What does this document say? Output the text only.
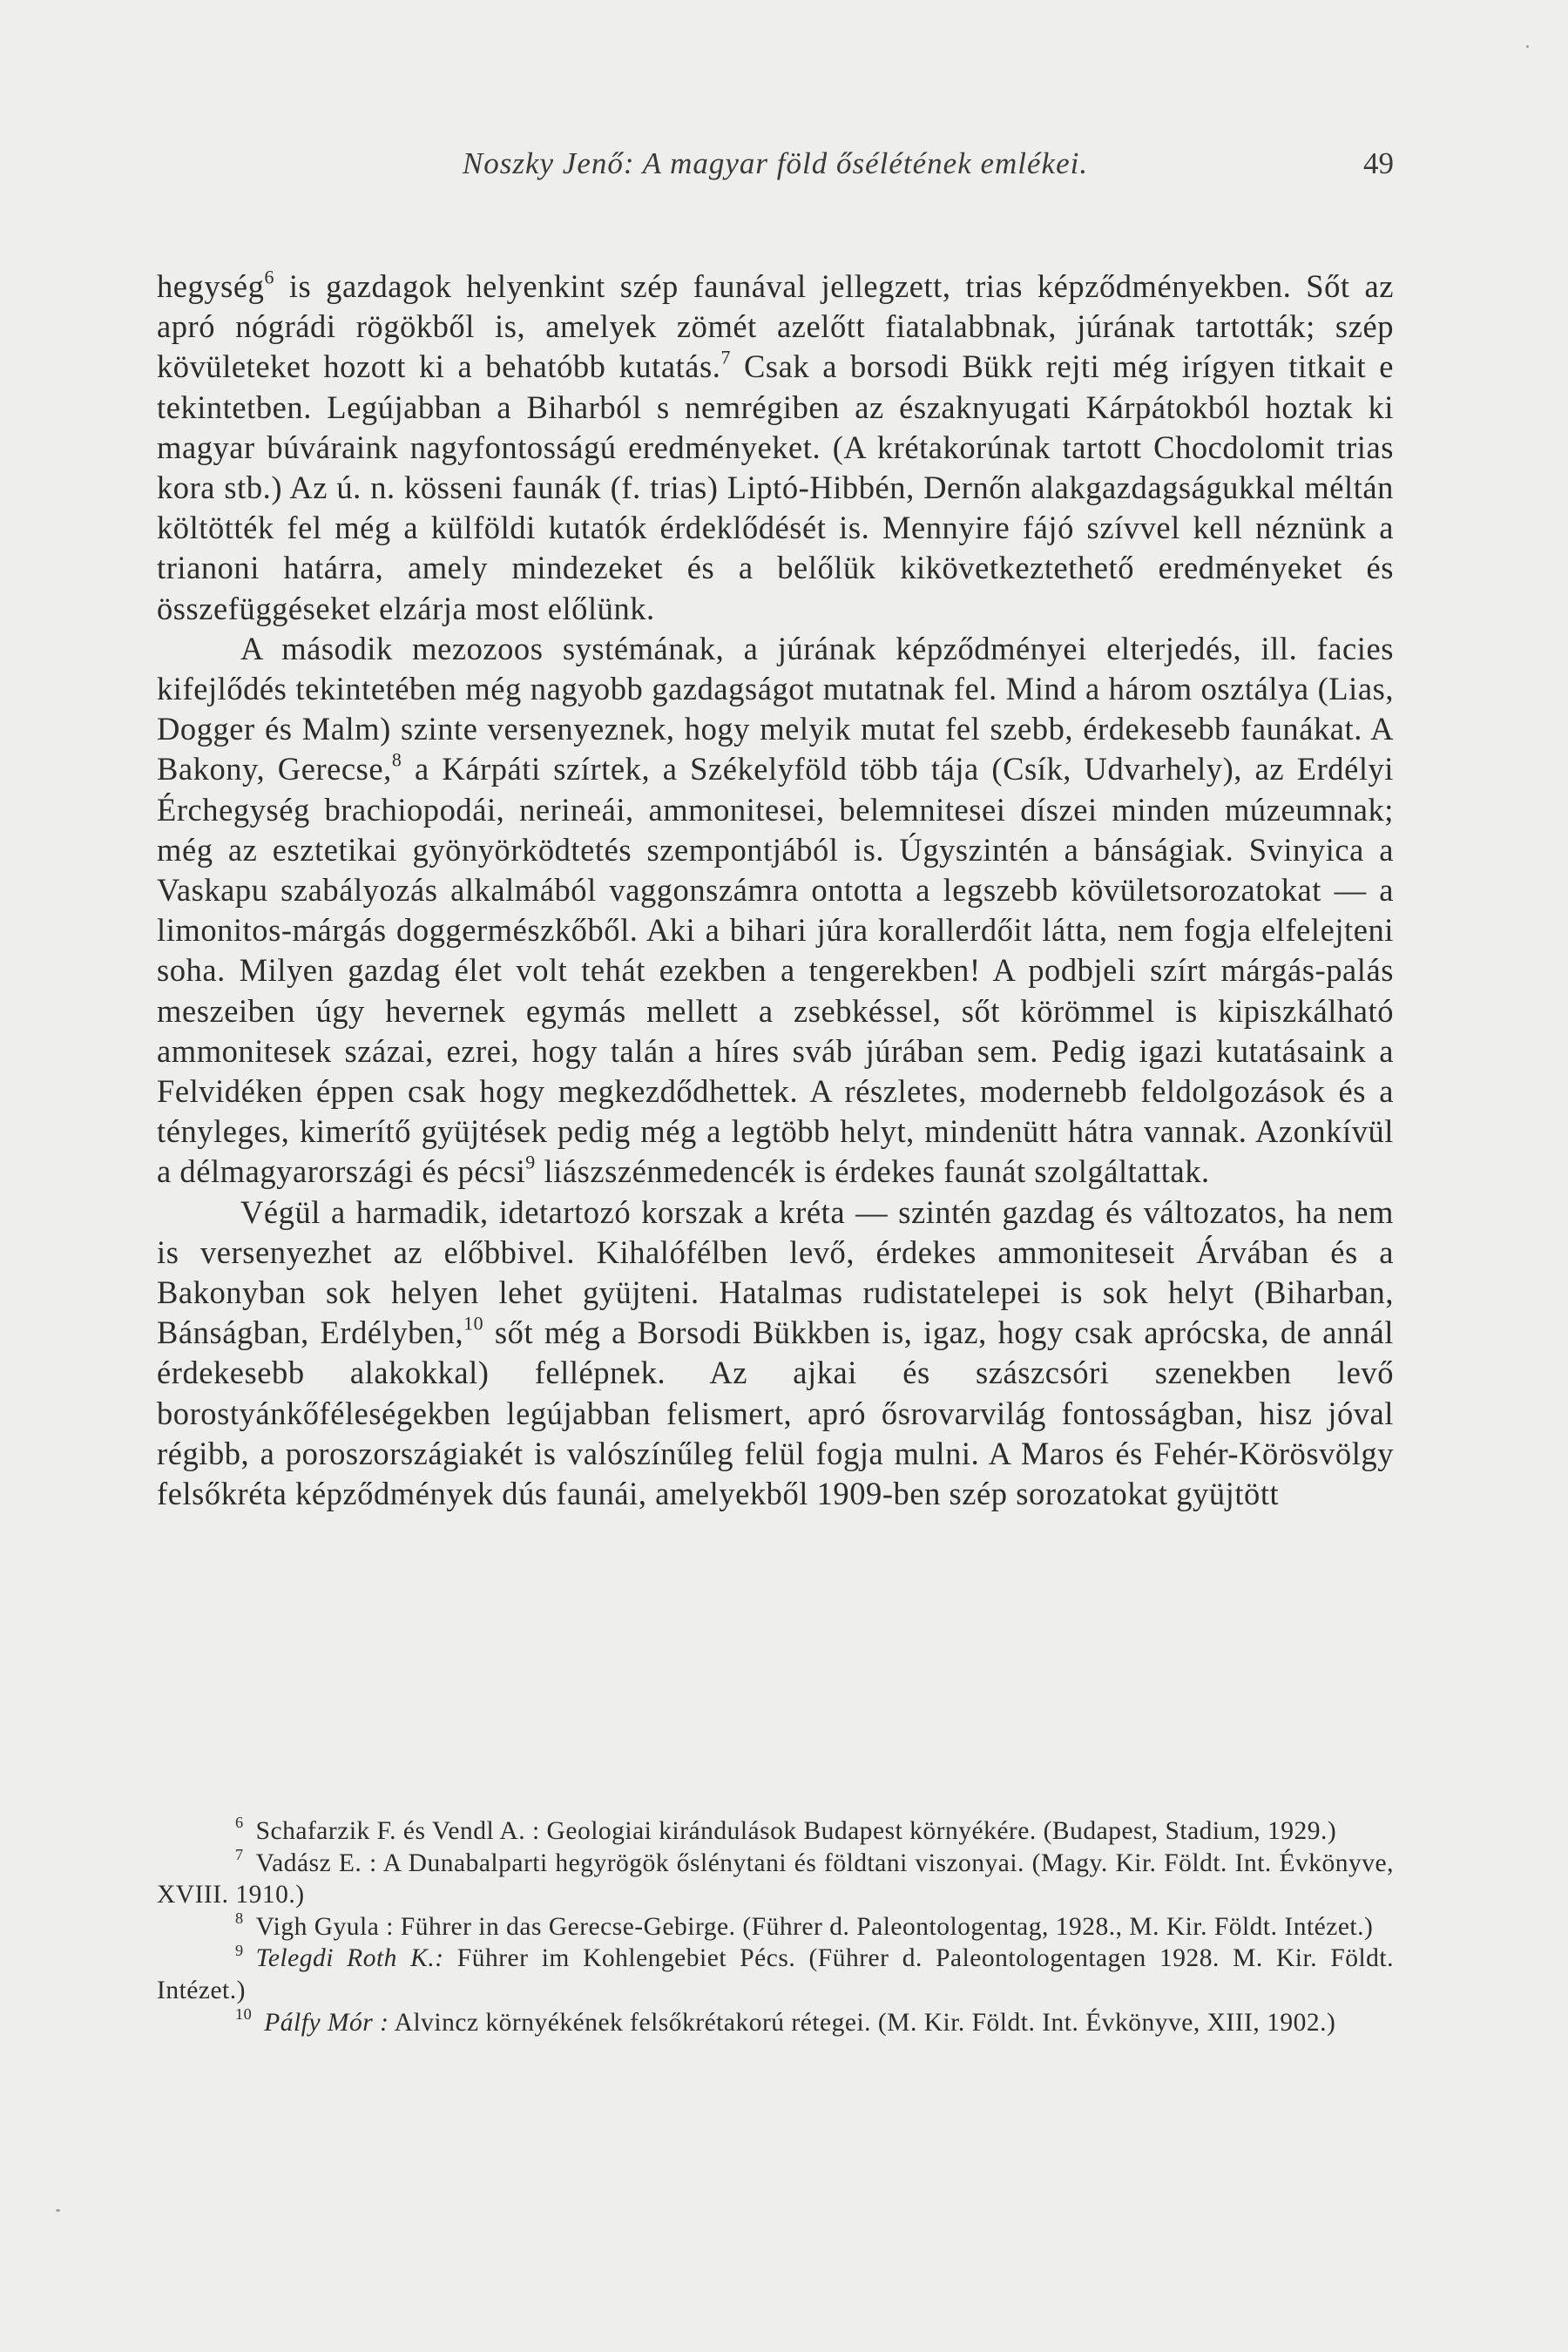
Noszky Jenő: A magyar föld ősélétének emlékei.	49

hegység$^6$ is gazdagok helyenkint szép faunával jellegzett, trias képződményekben. Sőt az apró nógrádi rögökből is, amelyek zömét azelőtt fiatalabbnak, júrának tartották; szép kövületeket hozott ki a behatóbb kutatás.$^7$ Csak a borsodi Bükk rejti még irígyen titkait e tekintetben. Legújabban a Biharból s nemrégiben az északnyugati Kárpátokból hoztak ki magyar búváraink nagyfontosságú eredményeket. (A krétakorúnak tartott Chocdolomit trias kora stb.) Az ú. n. kösseni faunák (f. trias) Liptó-Hibbén, Dernőn alakgazdagságukkal méltán költötték fel még a külföldi kutatók érdeklődését is. Mennyire fájó szívvel kell néznünk a trianoni határra, amely mindezeket és a belőlük kikövetkeztethető eredményeket és összefüggéseket elzárja most előlünk.

A második mezozoos systémának, a júrának képződményei elterjedés, ill. facies kifejlődés tekintetében még nagyobb gazdagságot mutatnak fel. Mind a három osztálya (Lias, Dogger és Malm) szinte versenyeznek, hogy melyik mutat fel szebb, érdekesebb faunákat. A Bakony, Gerecse,$^8$ a Kárpáti szírtek, a Székelyföld több tája (Csík, Udvarhely), az Erdélyi Érchegység brachiopodái, nerineái, ammonitesei, belemnitesei díszei minden múzeumnak; még az esztetikai gyönyörködtetés szempontjából is. Úgyszintén a bánságiak. Svinyica a Vaskapu szabályozás alkalmából vaggonszámra ontotta a legszebb kövületsorozatokat — a limonitos-márgás doggermészkőből. Aki a bihari júra korallerdőit látta, nem fogja elfelejteni soha. Milyen gazdag élet volt tehát ezekben a tengerekben! A podbjeli szírt márgás-palás meszeiben úgy hevernek egymás mellett a zsebkéssel, sőt körömmel is kipiszkálható ammonitesek százai, ezrei, hogy talán a híres sváb júrában sem. Pedig igazi kutatásaink a Felvidéken éppen csak hogy megkezdődhettek. A részletes, modernebb feldolgozások és a tényleges, kimerítő gyüjtések pedig még a legtöbb helyt, mindenütt hátra vannak. Azonkívül a délmagyarországi és pécsi$^9$ liászszénmedencék is érdekes faunát szolgáltattak.

Végül a harmadik, idetartozó korszak a kréta — szintén gazdag és változatos, ha nem is versenyezhet az előbbivel. Kihalófélben levő, érdekes ammoniteseit Árvában és a Bakonyban sok helyen lehet gyüjteni. Hatalmas rudistatelepei is sok helyt (Biharban, Bánságban, Erdélyben,$^{10}$ sőt még a Borsodi Bükkben is, igaz, hogy csak aprócska, de annál érdekesebb alakokkal) fellépnek. Az ajkai és szászcsóri szenekben levő borostyánkőféleségekben legújabban felismert, apró ősrovarvilág fontosságban, hisz jóval régibb, a poroszországiakét is valószínűleg felül fogja mulni. A Maros és Fehér-Körösvölgy felsőkréta képződmények dús faunái, amelyekből 1909-ben szép sorozatokat gyüjtött

$^6$ Schafarzik F. és Vendl A. : Geologiai kirándulások Budapest környékére. (Budapest, Stadium, 1929.)

$^7$ Vadász E. : A Dunabalparti hegyrögök őslénytani és földtani viszonyai. (Magy. Kir. Földt. Int. Évkönyve, XVIII. 1910.)

$^8$ Vigh Gyula : Führer in das Gerecse-Gebirge. (Führer d. Paleontologentag, 1928., M. Kir. Földt. Intézet.)

$^9$ Telegdi Roth K.: Führer im Kohlengebiet Pécs. (Führer d. Paleontologentagen 1928. M. Kir. Földt. Intézet.)

$^{10}$ Pálfy Mór : Alvincz környékének felsőkrétakorú rétegei. (M. Kir. Földt. Int. Évkönyve, XIII, 1902.)
